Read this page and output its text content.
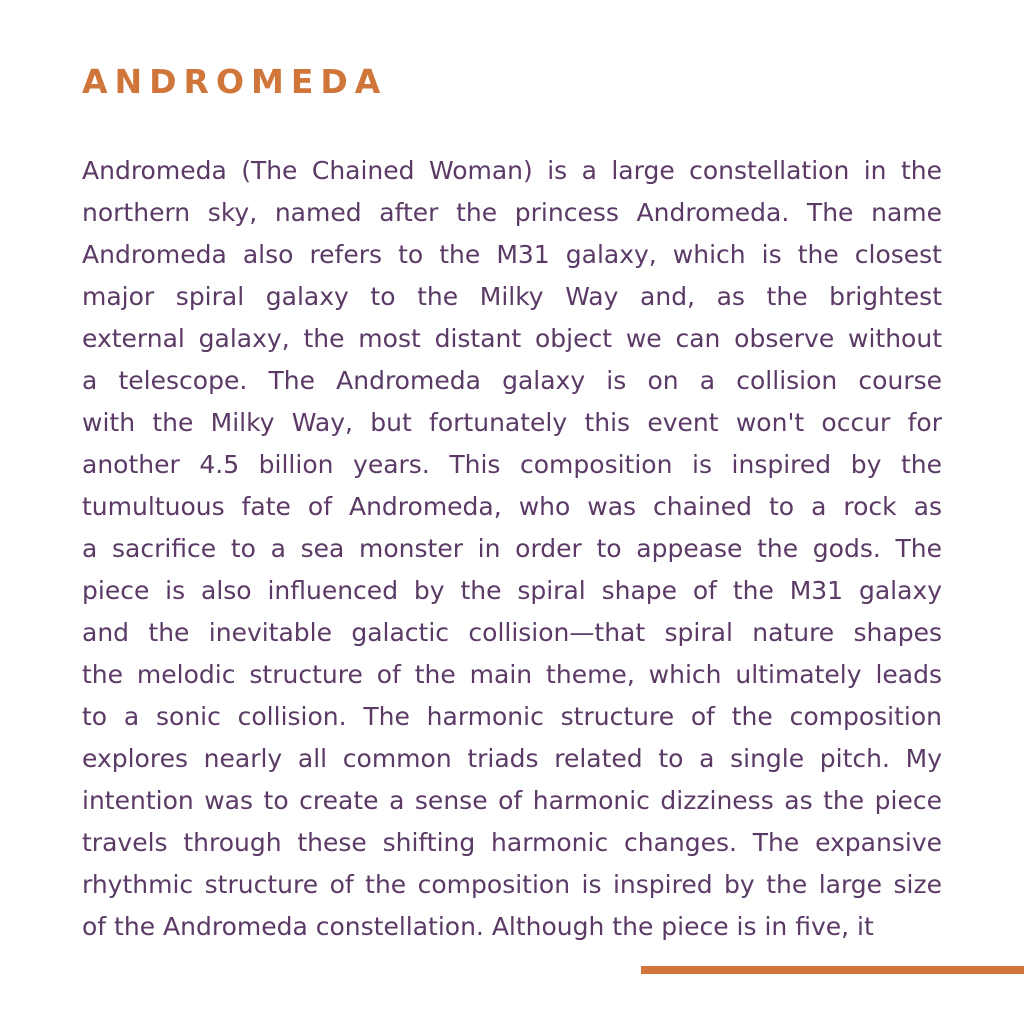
ANDROMEDA
Andromeda (The Chained Woman) is a large constellation in the
northern sky, named after the princess Andromeda. The name
Andromeda also refers to the M31 galaxy, which is the closest
major spiral galaxy to the Milky Way and, as the brightest
external galaxy, the most distant object we can observe without
a telescope. The Andromeda galaxy is on a collision course
with the Milky Way, but fortunately this event won't occur for
another 4.5 billion years. This composition is inspired by the
tumultuous fate of Andromeda, who was chained to a rock as
a sacrifice to a sea monster in order to appease the gods. The
piece is also influenced by the spiral shape of the M31 galaxy
and the inevitable galactic collision—that spiral nature shapes
the melodic structure of the main theme, which ultimately leads
to a sonic collision. The harmonic structure of the composition
explores nearly all common triads related to a single pitch. My
intention was to create a sense of harmonic dizziness as the piece
travels through these shifting harmonic changes. The expansive
rhythmic structure of the composition is inspired by the large size
of the Andromeda constellation. Although the piece is in five, it
